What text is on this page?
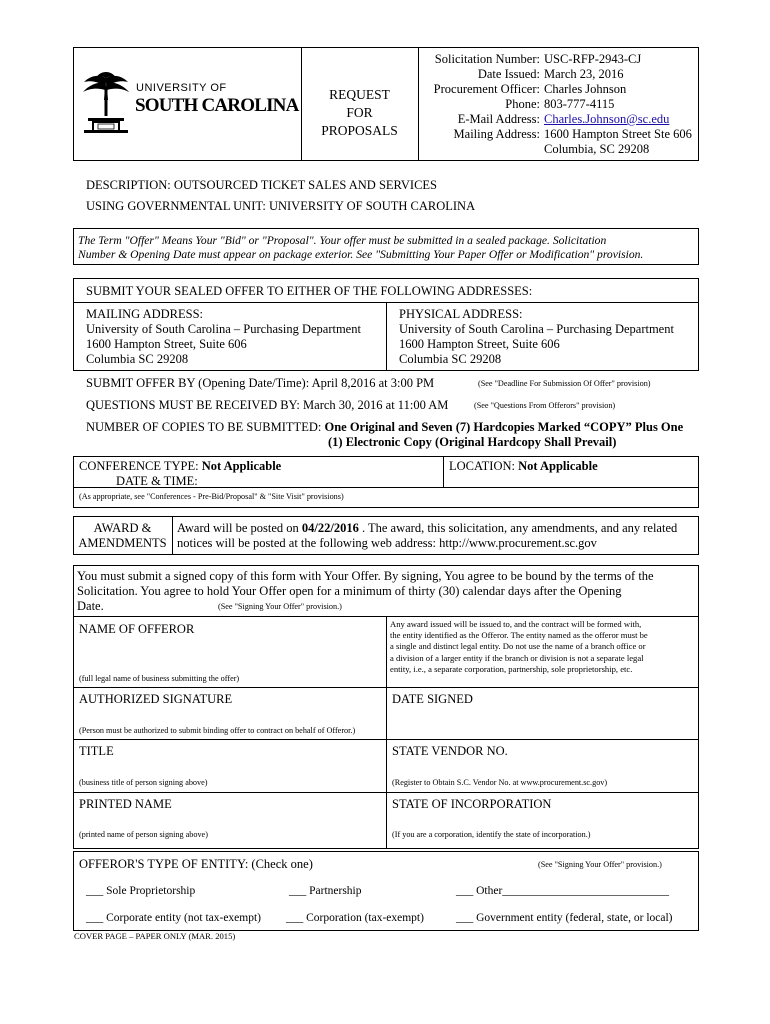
UNIVERSITY OF
SOUTH CAROLINA
REQUEST
FOR
PROPOSALS
Solicitation Number: USC-RFP-2943-CJ
Date Issued: March 23, 2016
Procurement Officer: Charles Johnson
Phone: 803-777-4115
E-Mail Address: Charles.Johnson@sc.edu
Mailing Address: 1600 Hampton Street Ste 606
Columbia, SC 29208
DESCRIPTION: OUTSOURCED TICKET SALES AND SERVICES
USING GOVERNMENTAL UNIT: UNIVERSITY OF SOUTH CAROLINA
The Term "Offer" Means Your "Bid" or "Proposal". Your offer must be submitted in a sealed package. Solicitation
Number & Opening Date must appear on package exterior. See "Submitting Your Paper Offer or Modification" provision.
SUBMIT YOUR SEALED OFFER TO EITHER OF THE FOLLOWING ADDRESSES:
MAILING ADDRESS:
University of South Carolina – Purchasing Department
1600 Hampton Street, Suite 606
Columbia SC 29208
PHYSICAL ADDRESS:
University of South Carolina – Purchasing Department
1600 Hampton Street, Suite 606
Columbia SC 29208
SUBMIT OFFER BY (Opening Date/Time): April 8,2016 at 3:00 PM	(See "Deadline For Submission Of Offer" provision)
QUESTIONS MUST BE RECEIVED BY: March 30, 2016 at 11:00 AM	(See "Questions From Offerors" provision)
NUMBER OF COPIES TO BE SUBMITTED: One Original and Seven (7) Hardcopies Marked “COPY” Plus One
(1) Electronic Copy (Original Hardcopy Shall Prevail)
CONFERENCE TYPE: Not Applicable
DATE & TIME:
LOCATION: Not Applicable
(As appropriate, see "Conferences - Pre-Bid/Proposal" & "Site Visit" provisions)
AWARD &
AMENDMENTS
Award will be posted on 04/22/2016 . The award, this solicitation, any amendments, and any related
notices will be posted at the following web address: http://www.procurement.sc.gov
You must submit a signed copy of this form with Your Offer. By signing, You agree to be bound by the terms of the
Solicitation. You agree to hold Your Offer open for a minimum of thirty (30) calendar days after the Opening
Date.	(See "Signing Your Offer" provision.)
NAME OF OFFEROR
(full legal name of business submitting the offer)
Any award issued will be issued to, and the contract will be formed with,
the entity identified as the Offeror. The entity named as the offeror must be
a single and distinct legal entity. Do not use the name of a branch office or
a division of a larger entity if the branch or division is not a separate legal
entity, i.e., a separate corporation, partnership, sole proprietorship, etc.
AUTHORIZED SIGNATURE
(Person must be authorized to submit binding offer to contract on behalf of Offeror.)
DATE SIGNED
TITLE
(business title of person signing above)
STATE VENDOR NO.
(Register to Obtain S.C. Vendor No. at www.procurement.sc.gov)
PRINTED NAME
(printed name of person signing above)
STATE OF INCORPORATION
(If you are a corporation, identify the state of incorporation.)
OFFEROR'S TYPE OF ENTITY: (Check one)	(See "Signing Your Offer" provision.)
___ Sole Proprietorship	___ Partnership	___ Other_____________________________
___ Corporate entity (not tax-exempt) ___ Corporation (tax-exempt)	___ Government entity (federal, state, or local)
COVER PAGE – PAPER ONLY (MAR. 2015)
